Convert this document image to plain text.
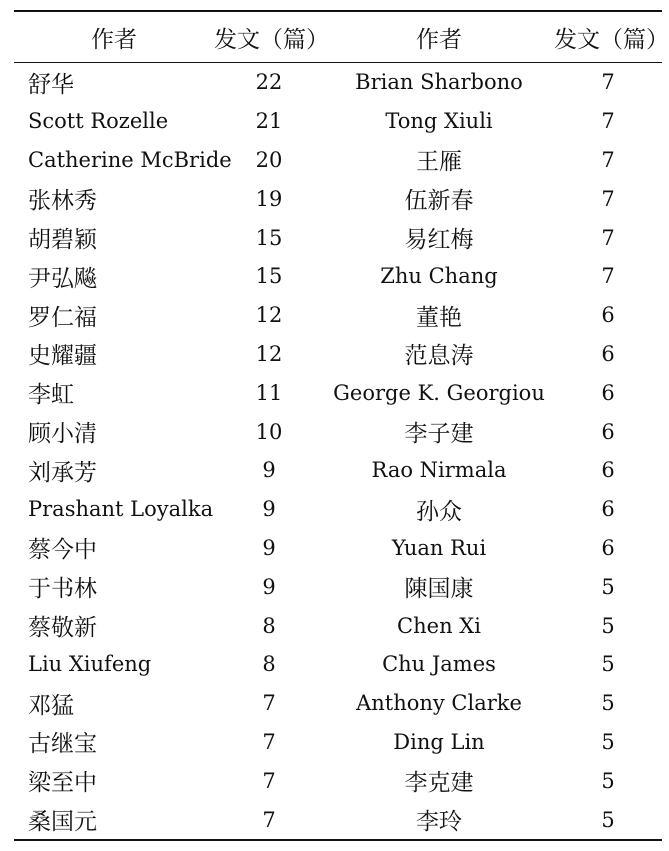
作者	发文（篇）	作者	发文（篇）
舒华	22	Brian Sharbono	7
Scott Rozelle	21	Tong Xiuli	7
Catherine McBride	20	王雁	7
张林秀	19	伍新春	7
胡碧颖	15	易红梅	7
尹弘飚	15	Zhu Chang	7
罗仁福	12	董艳	6
史耀疆	12	范息涛	6
李虹	11	George K. Georgiou	6
顾小清	10	李子建	6
刘承芳	9	Rao Nirmala	6
Prashant Loyalka	9	孙众	6
蔡今中	9	Yuan Rui	6
于书林	9	陳国康	5
蔡敬新	8	Chen Xi	5
Liu Xiufeng	8	Chu James	5
邓猛	7	Anthony Clarke	5
古继宝	7	Ding Lin	5
梁至中	7	李克建	5
桑国元	7	李玲	5
